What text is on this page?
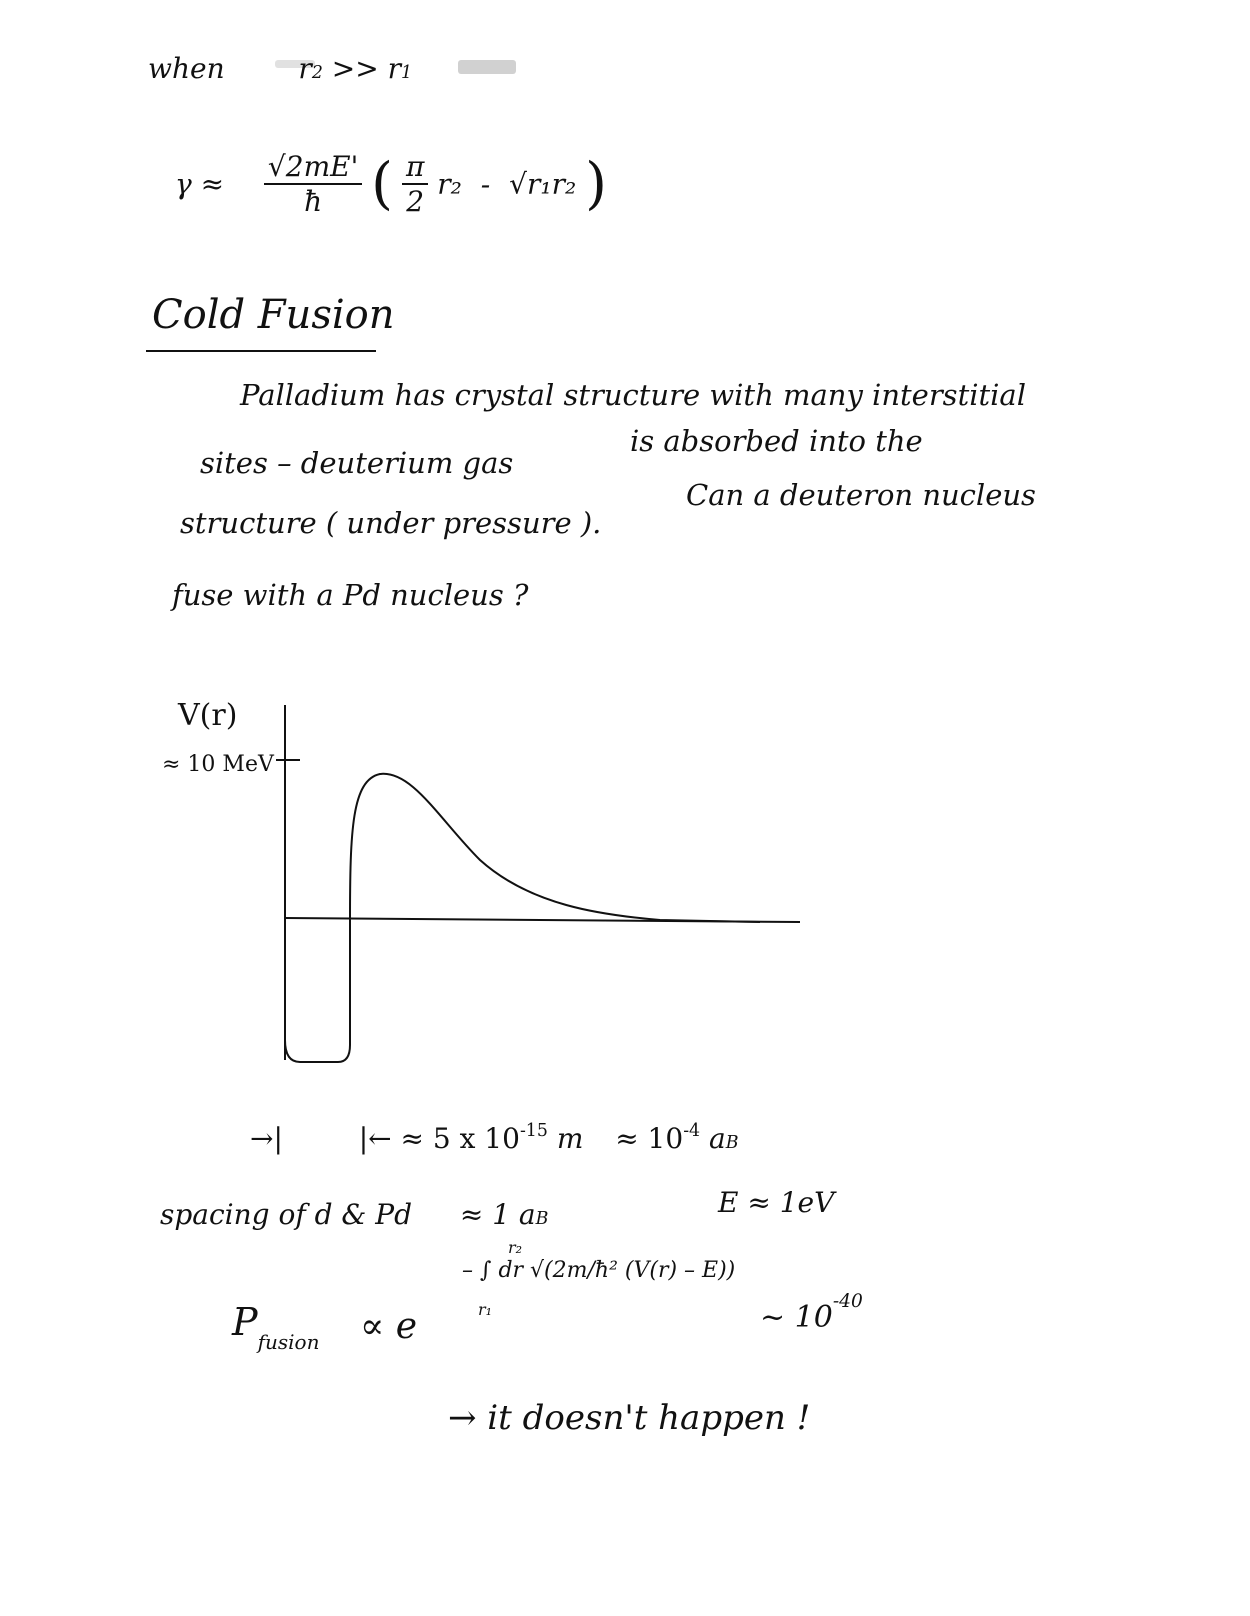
when	r2 >> r1
$\gamma \approx \frac{√2mE'}{ħ}$ ( $\frac{\pi}{2} r_2 - √r_1r_2$ )
Cold Fusion
Palladium has crystal structure with many interstitial
sites – deuterium gas
is absorbed into the
structure ( under pressure ).
Can a deuteron nucleus
fuse with a Pd nucleus ?
V(r)
≈ 10 MeV
→|	|← ≈ 5 x $10^{-15}$ $m \approx 10^{-4}$ aB
spacing of d & Pd ≈ 1 aB	E ≈ 1eV
$P_{fusion} \propto e$
– ∫ dr √(2m/ħ² (V(r) – E))
r₂
r₁	~ $10^{-40}$
→ it doesn't happen !
